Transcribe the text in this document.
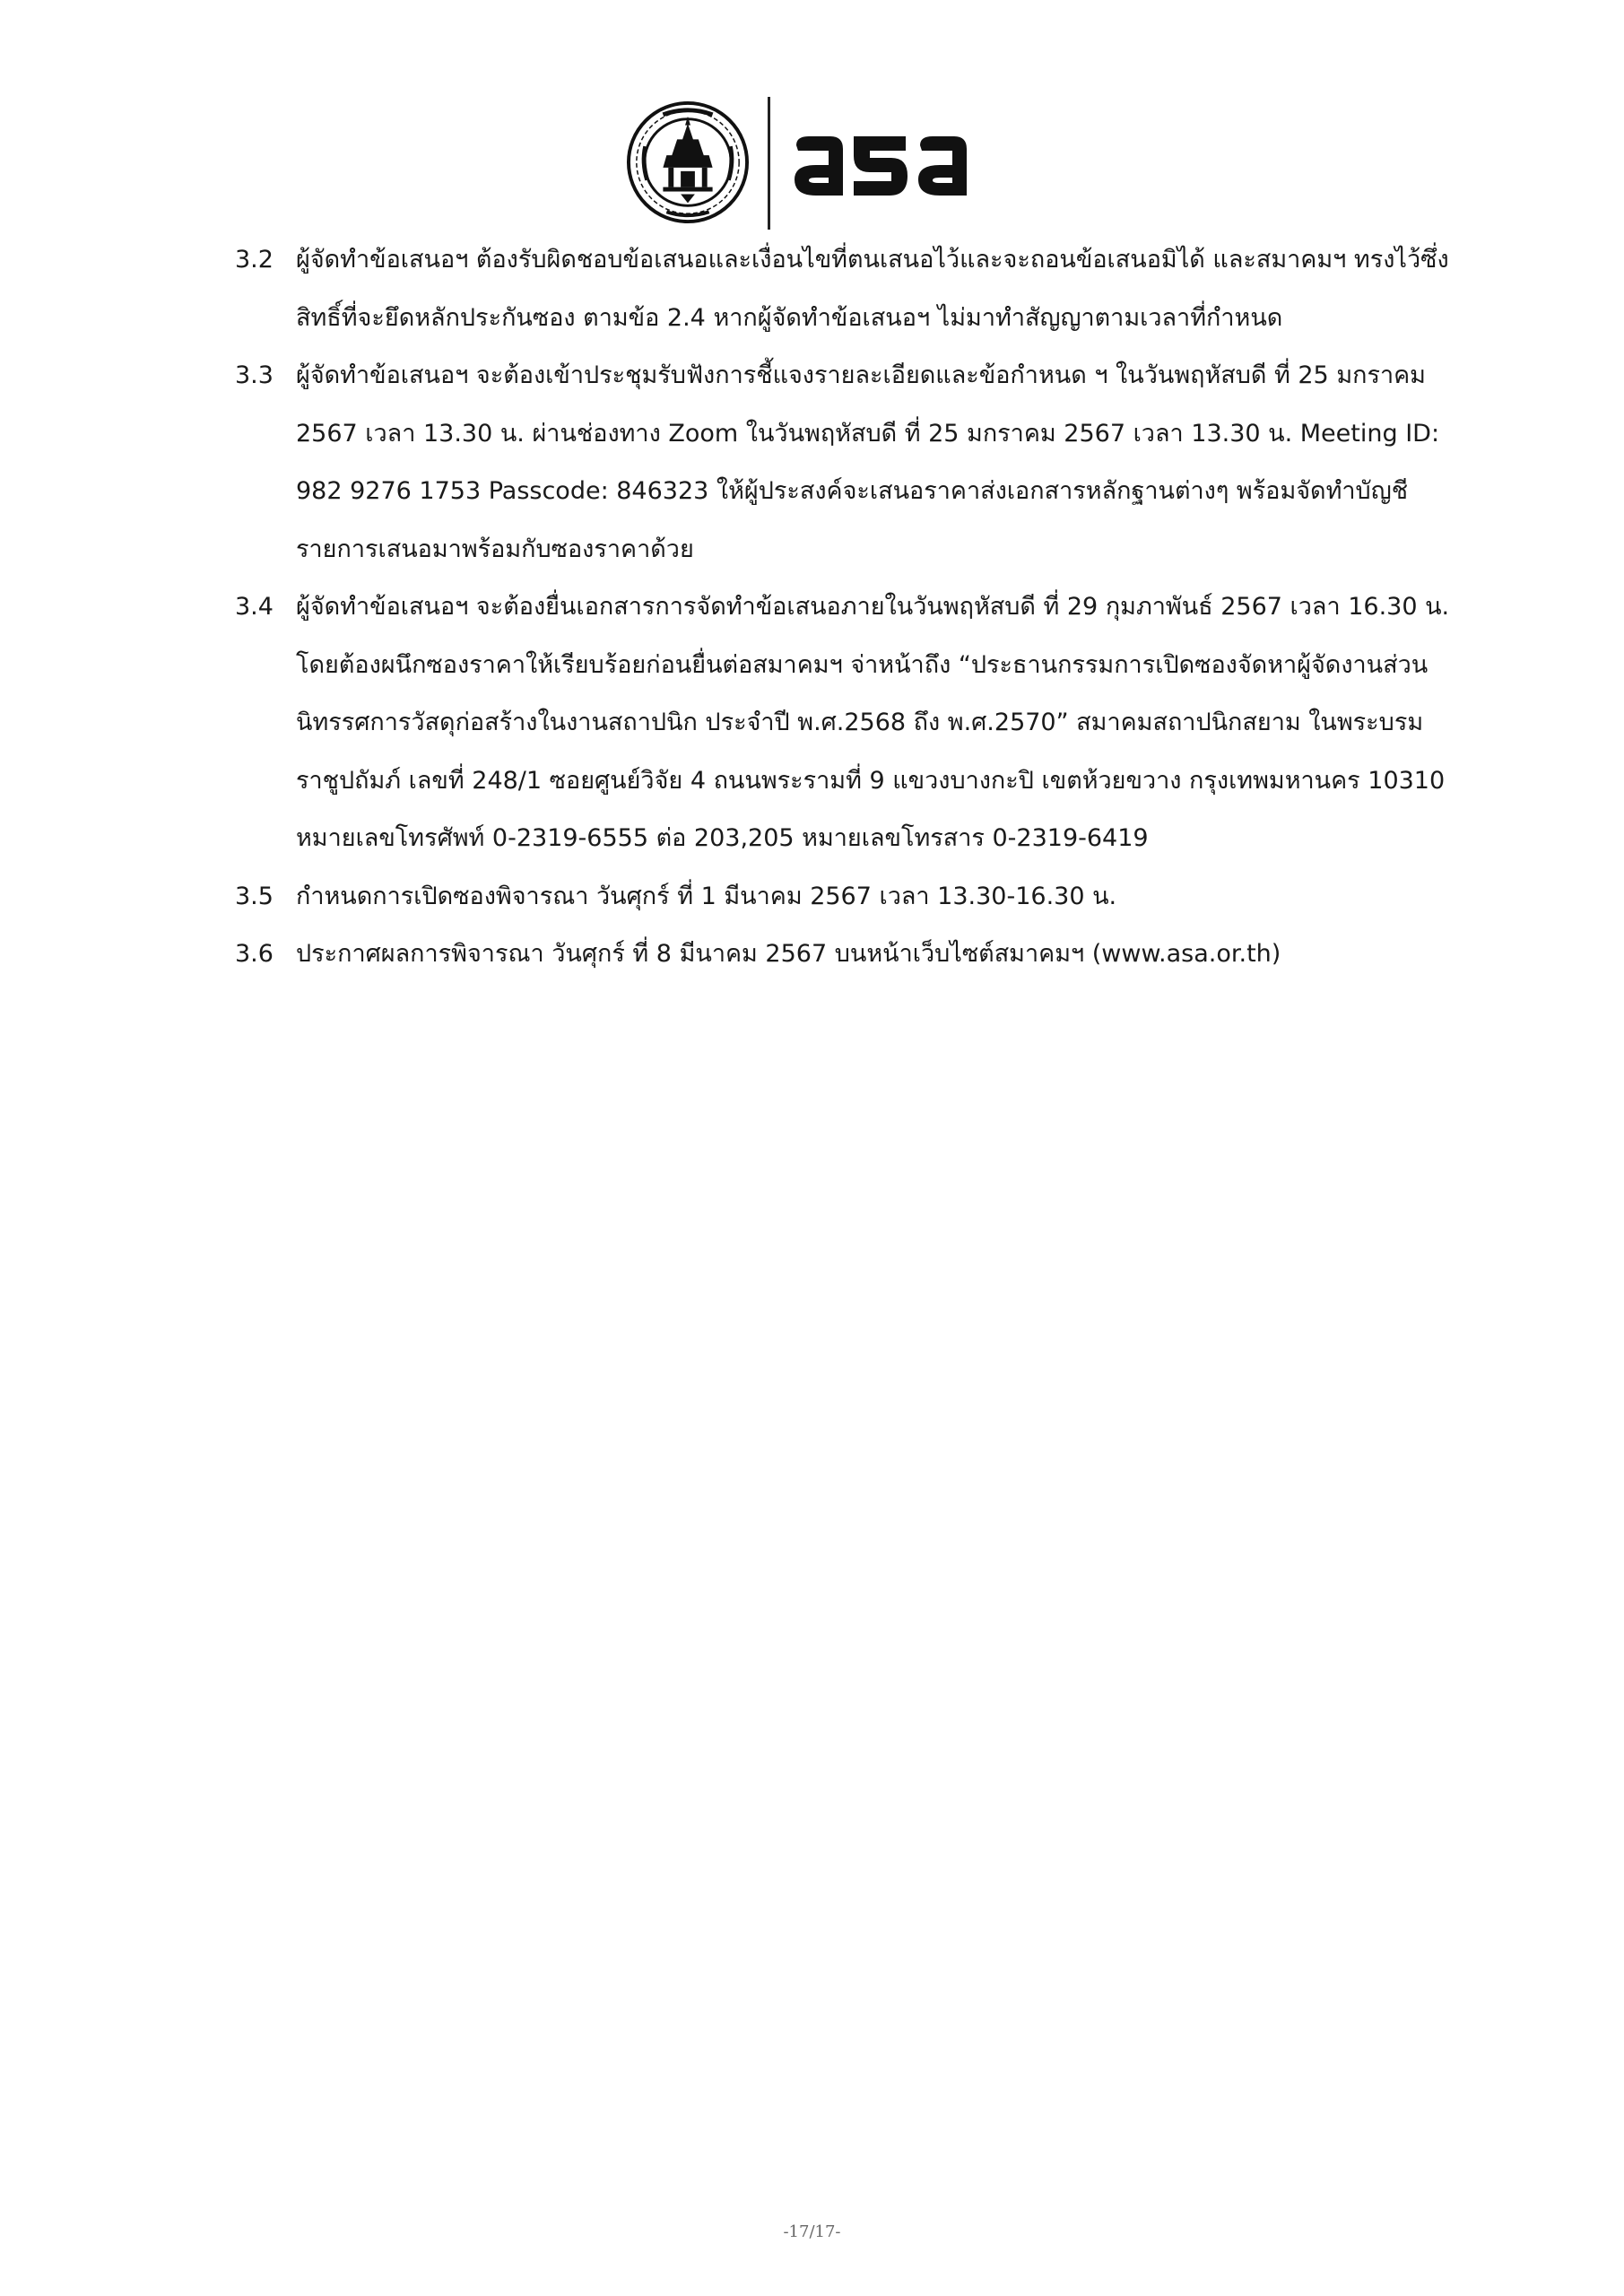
3.2 ผู้จัดทำข้อเสนอฯ ต้องรับผิดชอบข้อเสนอและเงื่อนไขที่ตนเสนอไว้และจะถอนข้อเสนอมิได้ และสมาคมฯ ทรงไว้ซึ่ง
สิทธิ์ที่จะยึดหลักประกันซอง ตามข้อ 2.4 หากผู้จัดทำข้อเสนอฯ ไม่มาทำสัญญาตามเวลาที่กำหนด
3.3 ผู้จัดทำข้อเสนอฯ จะต้องเข้าประชุมรับฟังการชี้แจงรายละเอียดและข้อกำหนด ฯ ในวันพฤหัสบดี ที่ 25 มกราคม
2567 เวลา 13.30 น. ผ่านช่องทาง Zoom ในวันพฤหัสบดี ที่ 25 มกราคม 2567 เวลา 13.30 น. Meeting ID:
982 9276 1753 Passcode: 846323 ให้ผู้ประสงค์จะเสนอราคาส่งเอกสารหลักฐานต่างๆ พร้อมจัดทำบัญชี
รายการเสนอมาพร้อมกับซองราคาด้วย
3.4 ผู้จัดทำข้อเสนอฯ จะต้องยื่นเอกสารการจัดทำข้อเสนอภายในวันพฤหัสบดี ที่ 29 กุมภาพันธ์ 2567 เวลา 16.30 น.
โดยต้องผนึกซองราคาให้เรียบร้อยก่อนยื่นต่อสมาคมฯ จ่าหน้าถึง “ประธานกรรมการเปิดซองจัดหาผู้จัดงานส่วน
นิทรรศการวัสดุก่อสร้างในงานสถาปนิก ประจำปี พ.ศ.2568 ถึง พ.ศ.2570” สมาคมสถาปนิกสยาม ในพระบรม
ราชูปถัมภ์ เลขที่ 248/1 ซอยศูนย์วิจัย 4 ถนนพระรามที่ 9 แขวงบางกะปิ เขตห้วยขวาง กรุงเทพมหานคร 10310
หมายเลขโทรศัพท์ 0-2319-6555 ต่อ 203,205 หมายเลขโทรสาร 0-2319-6419
3.5 กำหนดการเปิดซองพิจารณา วันศุกร์ ที่ 1 มีนาคม 2567 เวลา 13.30-16.30 น.
3.6 ประกาศผลการพิจารณา วันศุกร์ ที่ 8 มีนาคม 2567 บนหน้าเว็บไซต์สมาคมฯ (www.asa.or.th)
-17/17-
